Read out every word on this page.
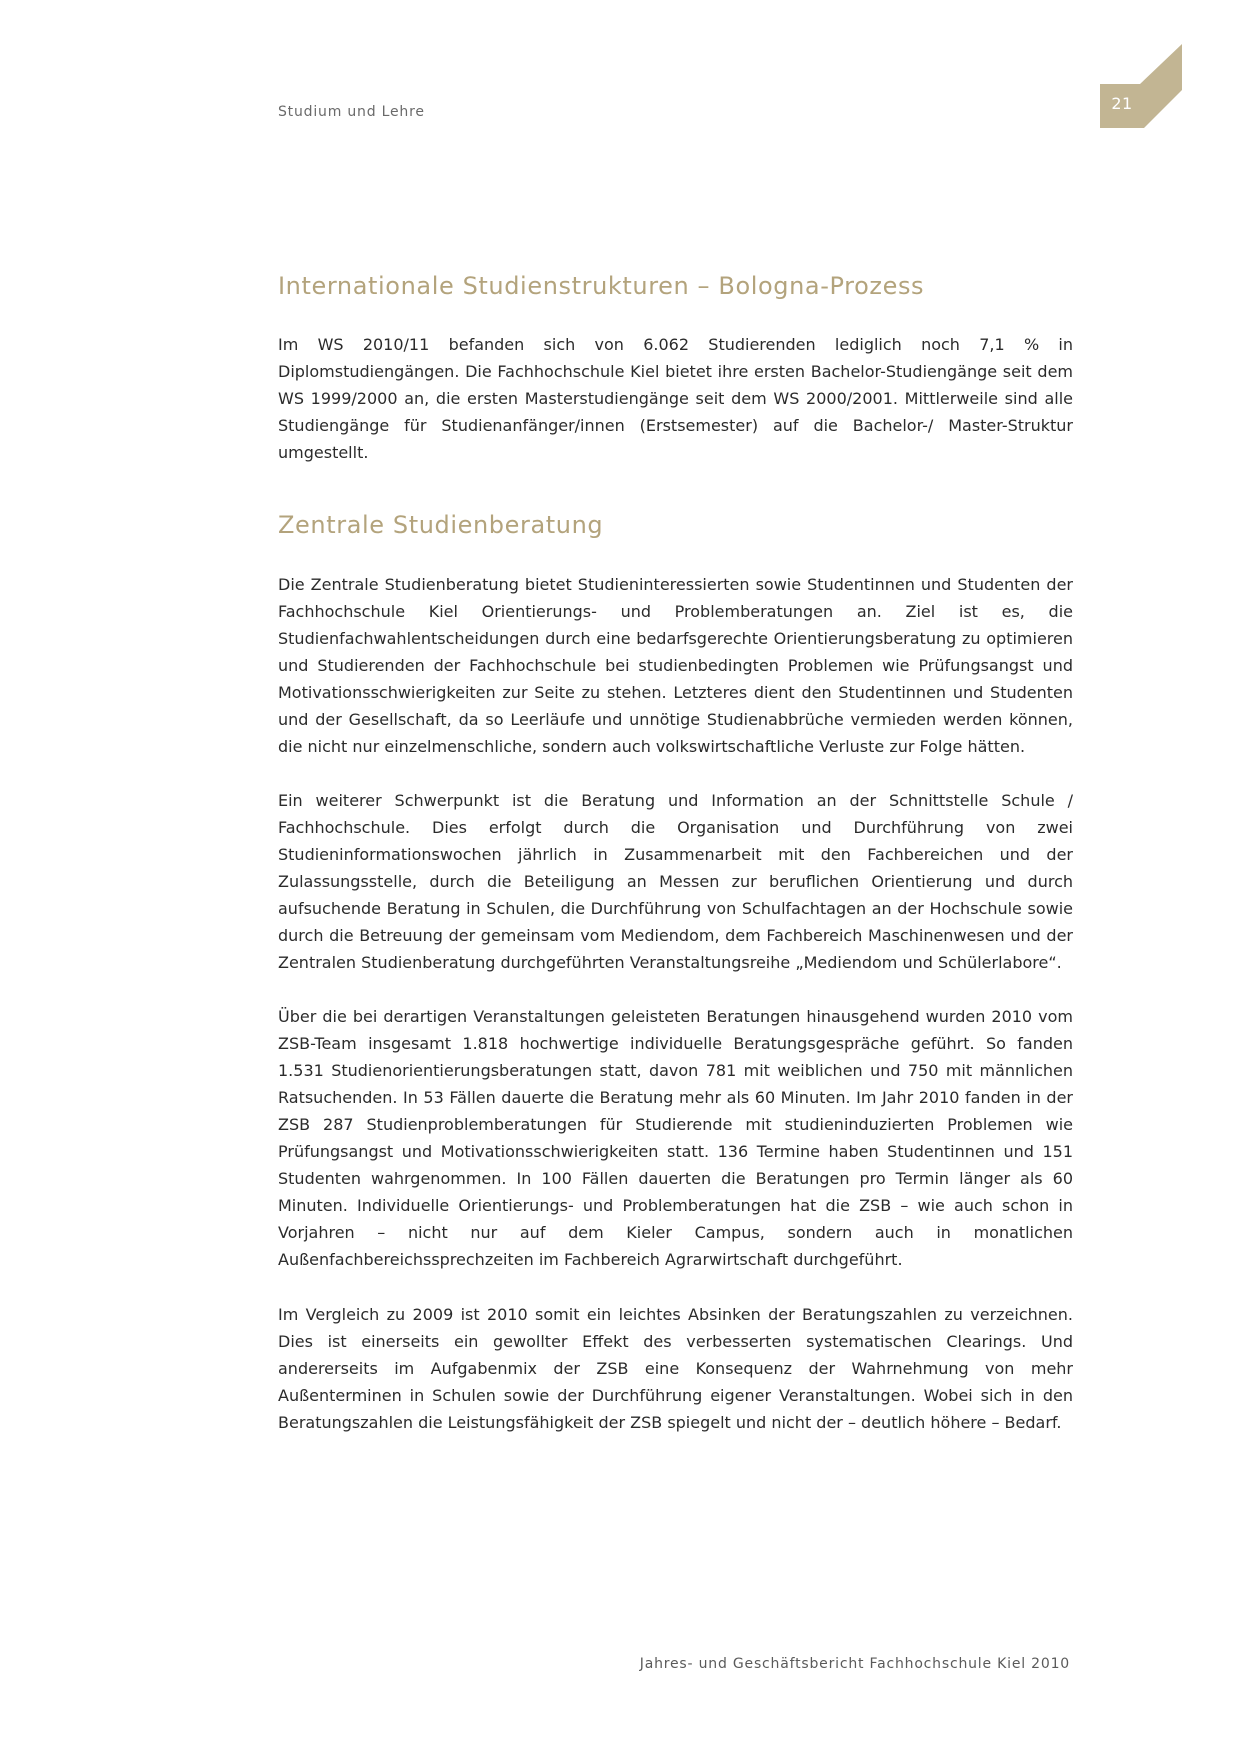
Studium und Lehre	21
Internationale Studienstrukturen – Bologna-Prozess

Im WS 2010/11 befanden sich von 6.062 Studierenden lediglich noch 7,1 % in Diplomstudiengängen. Die Fachhochschule Kiel bietet ihre ersten Bachelor-Studiengänge seit dem WS 1999/2000 an, die ersten Masterstudiengänge seit dem WS 2000/2001. Mittlerweile sind alle Studiengänge für Studienanfänger/innen (Erstsemester) auf die Bachelor-/ Master-Struktur umgestellt.

Zentrale Studienberatung

Die Zentrale Studienberatung bietet Studieninteressierten sowie Studentinnen und Studenten der Fachhochschule Kiel Orientierungs- und Problemberatungen an. Ziel ist es, die Studienfachwahlentscheidungen durch eine bedarfsgerechte Orientierungsberatung zu optimieren und Studierenden der Fachhochschule bei studienbedingten Problemen wie Prüfungsangst und Motivationsschwierigkeiten zur Seite zu stehen. Letzteres dient den Studentinnen und Studenten und der Gesellschaft, da so Leerläufe und unnötige Studienabbrüche vermieden werden können, die nicht nur einzelmenschliche, sondern auch volkswirtschaftliche Verluste zur Folge hätten.

Ein weiterer Schwerpunkt ist die Beratung und Information an der Schnittstelle Schule / Fachhochschule. Dies erfolgt durch die Organisation und Durchführung von zwei Studieninformationswochen jährlich in Zusammenarbeit mit den Fachbereichen und der Zulassungsstelle, durch die Beteiligung an Messen zur beruflichen Orientierung und durch aufsuchende Beratung in Schulen, die Durchführung von Schulfachtagen an der Hochschule sowie durch die Betreuung der gemeinsam vom Mediendom, dem Fachbereich Maschinenwesen und der Zentralen Studienberatung durchgeführten Veranstaltungsreihe „Mediendom und Schülerlabore“.

Über die bei derartigen Veranstaltungen geleisteten Beratungen hinausgehend wurden 2010 vom ZSB-Team insgesamt 1.818 hochwertige individuelle Beratungsgespräche geführt. So fanden 1.531 Studienorientierungsberatungen statt, davon 781 mit weiblichen und 750 mit männlichen Ratsuchenden. In 53 Fällen dauerte die Beratung mehr als 60 Minuten. Im Jahr 2010 fanden in der ZSB 287 Studienproblemberatungen für Studierende mit studieninduzierten Problemen wie Prüfungsangst und Motivationsschwierigkeiten statt. 136 Termine haben Studentinnen und 151 Studenten wahrgenommen. In 100 Fällen dauerten die Beratungen pro Termin länger als 60 Minuten. Individuelle Orientierungs- und Problemberatungen hat die ZSB – wie auch schon in Vorjahren – nicht nur auf dem Kieler Campus, sondern auch in monatlichen Außenfachbereichssprechzeiten im Fachbereich Agrarwirtschaft durchgeführt.

Im Vergleich zu 2009 ist 2010 somit ein leichtes Absinken der Beratungszahlen zu verzeichnen. Dies ist einerseits ein gewollter Effekt des verbesserten systematischen Clearings. Und andererseits im Aufgabenmix der ZSB eine Konsequenz der Wahrnehmung von mehr Außenterminen in Schulen sowie der Durchführung eigener Veranstaltungen. Wobei sich in den Beratungszahlen die Leistungsfähigkeit der ZSB spiegelt und nicht der – deutlich höhere – Bedarf.

Jahres- und Geschäftsbericht Fachhochschule Kiel 2010
